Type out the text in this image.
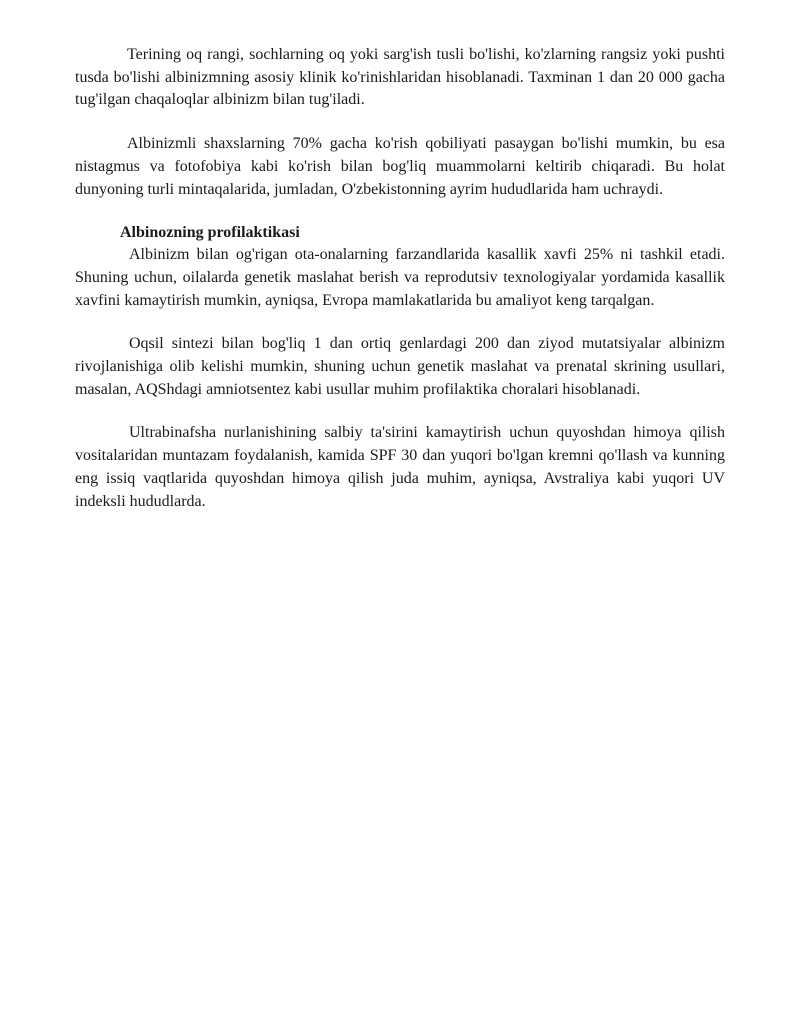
Terining oq rangi, sochlarning oq yoki sarg'ish tusli bo'lishi, ko'zlarning rangsiz yoki pushti tusda bo'lishi albinizmning asosiy klinik ko'rinishlaridan hisoblanadi. Taxminan 1 dan 20 000 gacha tug'ilgan chaqaloqlar albinizm bilan tug'iladi.

Albinizmli shaxslarning 70% gacha ko'rish qobiliyati pasaygan bo'lishi mumkin, bu esa nistagmus va fotofobiya kabi ko'rish bilan bog'liq muammolarni keltirib chiqaradi. Bu holat dunyoning turli mintaqalarida, jumladan, O'zbekistonning ayrim hududlarida ham uchraydi.

Albinozning profilaktikasi

Albinizm bilan og'rigan ota-onalarning farzandlarida kasallik xavfi 25% ni tashkil etadi. Shuning uchun, oilalarda genetik maslahat berish va reprodutsiv texnologiyalar yordamida kasallik xavfini kamaytirish mumkin, ayniqsa, Evropa mamlakatlarida bu amaliyot keng tarqalgan.

Oqsil sintezi bilan bog'liq 1 dan ortiq genlardagi 200 dan ziyod mutatsiyalar albinizm rivojlanishiga olib kelishi mumkin, shuning uchun genetik maslahat va prenatal skrining usullari, masalan, AQShdagi amniotsentez kabi usullar muhim profilaktika choralari hisoblanadi.

Ultrabinafsha nurlanishining salbiy ta'sirini kamaytirish uchun quyoshdan himoya qilish vositalaridan muntazam foydalanish, kamida SPF 30 dan yuqori bo'lgan kremni qo'llash va kunning eng issiq vaqtlarida quyoshdan himoya qilish juda muhim, ayniqsa, Avstraliya kabi yuqori UV indeksli hududlarda.
